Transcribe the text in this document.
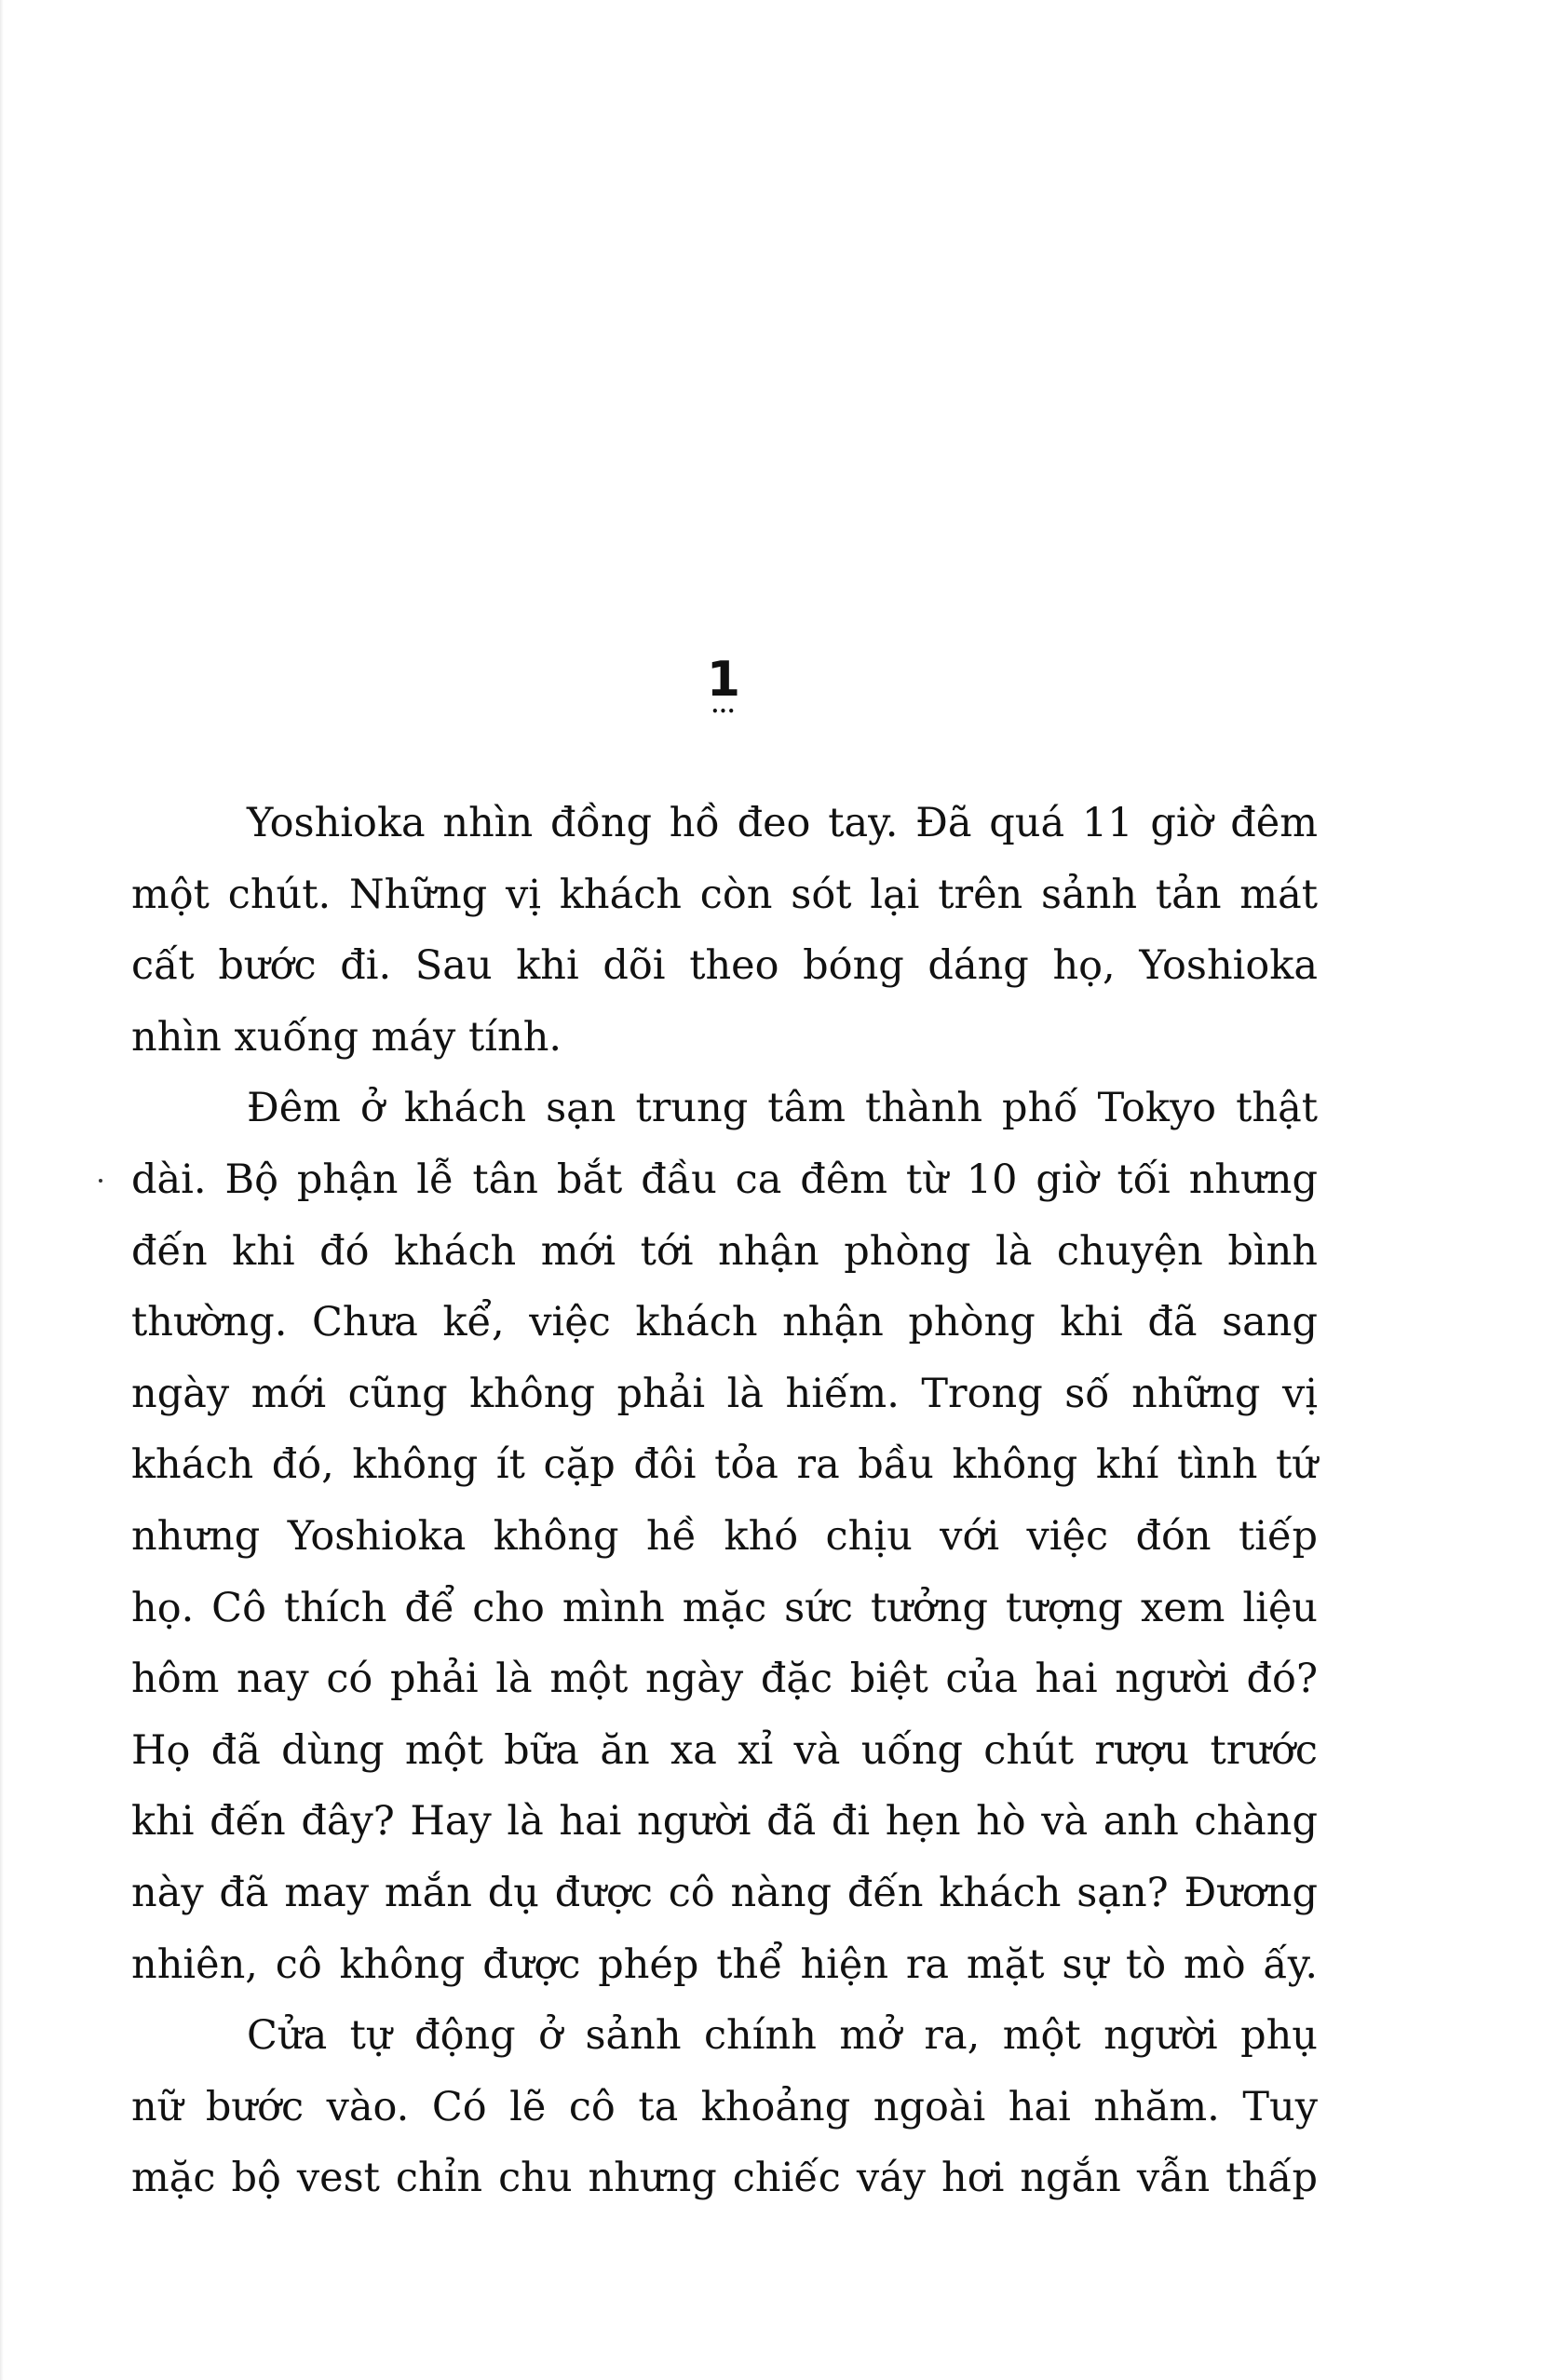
1
•••
Yoshioka nhìn đồng hồ đeo tay. Đã quá 11 giờ đêm
một chút. Những vị khách còn sót lại trên sảnh tản mát
cất bước đi. Sau khi dõi theo bóng dáng họ, Yoshioka
nhìn xuống máy tính.
Đêm ở khách sạn trung tâm thành phố Tokyo thật
dài. Bộ phận lễ tân bắt đầu ca đêm từ 10 giờ tối nhưng
đến khi đó khách mới tới nhận phòng là chuyện bình
thường. Chưa kể, việc khách nhận phòng khi đã sang
ngày mới cũng không phải là hiếm. Trong số những vị
khách đó, không ít cặp đôi tỏa ra bầu không khí tình tứ
nhưng Yoshioka không hề khó chịu với việc đón tiếp
họ. Cô thích để cho mình mặc sức tưởng tượng xem liệu
hôm nay có phải là một ngày đặc biệt của hai người đó?
Họ đã dùng một bữa ăn xa xỉ và uống chút rượu trước
khi đến đây? Hay là hai người đã đi hẹn hò và anh chàng
này đã may mắn dụ được cô nàng đến khách sạn? Đương
nhiên, cô không được phép thể hiện ra mặt sự tò mò ấy.
Cửa tự động ở sảnh chính mở ra, một người phụ
nữ bước vào. Có lẽ cô ta khoảng ngoài hai nhăm. Tuy
mặc bộ vest chỉn chu nhưng chiếc váy hơi ngắn vẫn thấp
